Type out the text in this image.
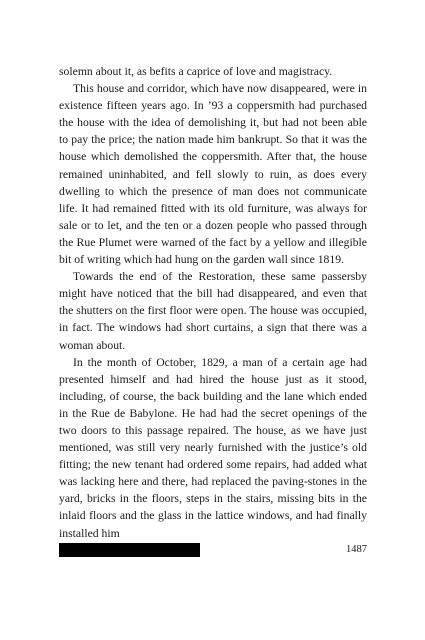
solemn about it, as befits a caprice of love and magistracy.

This house and corridor, which have now disappeared, were in existence fifteen years ago. In ’93 a coppersmith had purchased the house with the idea of demolishing it, but had not been able to pay the price; the nation made him bankrupt. So that it was the house which demolished the coppersmith. After that, the house remained uninhabited, and fell slowly to ruin, as does every dwelling to which the presence of man does not communicate life. It had remained fitted with its old furniture, was always for sale or to let, and the ten or a dozen people who passed through the Rue Plumet were warned of the fact by a yellow and illegible bit of writing which had hung on the garden wall since 1819.

Towards the end of the Restoration, these same passersby might have noticed that the bill had disappeared, and even that the shutters on the first floor were open. The house was occupied, in fact. The windows had short curtains, a sign that there was a woman about.

In the month of October, 1829, a man of a certain age had presented himself and had hired the house just as it stood, including, of course, the back building and the lane which ended in the Rue de Babylone. He had had the secret openings of the two doors to this passage repaired. The house, as we have just mentioned, was still very nearly furnished with the justice’s old fitting; the new tenant had ordered some repairs, had added what was lacking here and there, had replaced the paving-stones in the yard, bricks in the floors, steps in the stairs, missing bits in the inlaid floors and the glass in the lattice windows, and had finally installed him

1487
